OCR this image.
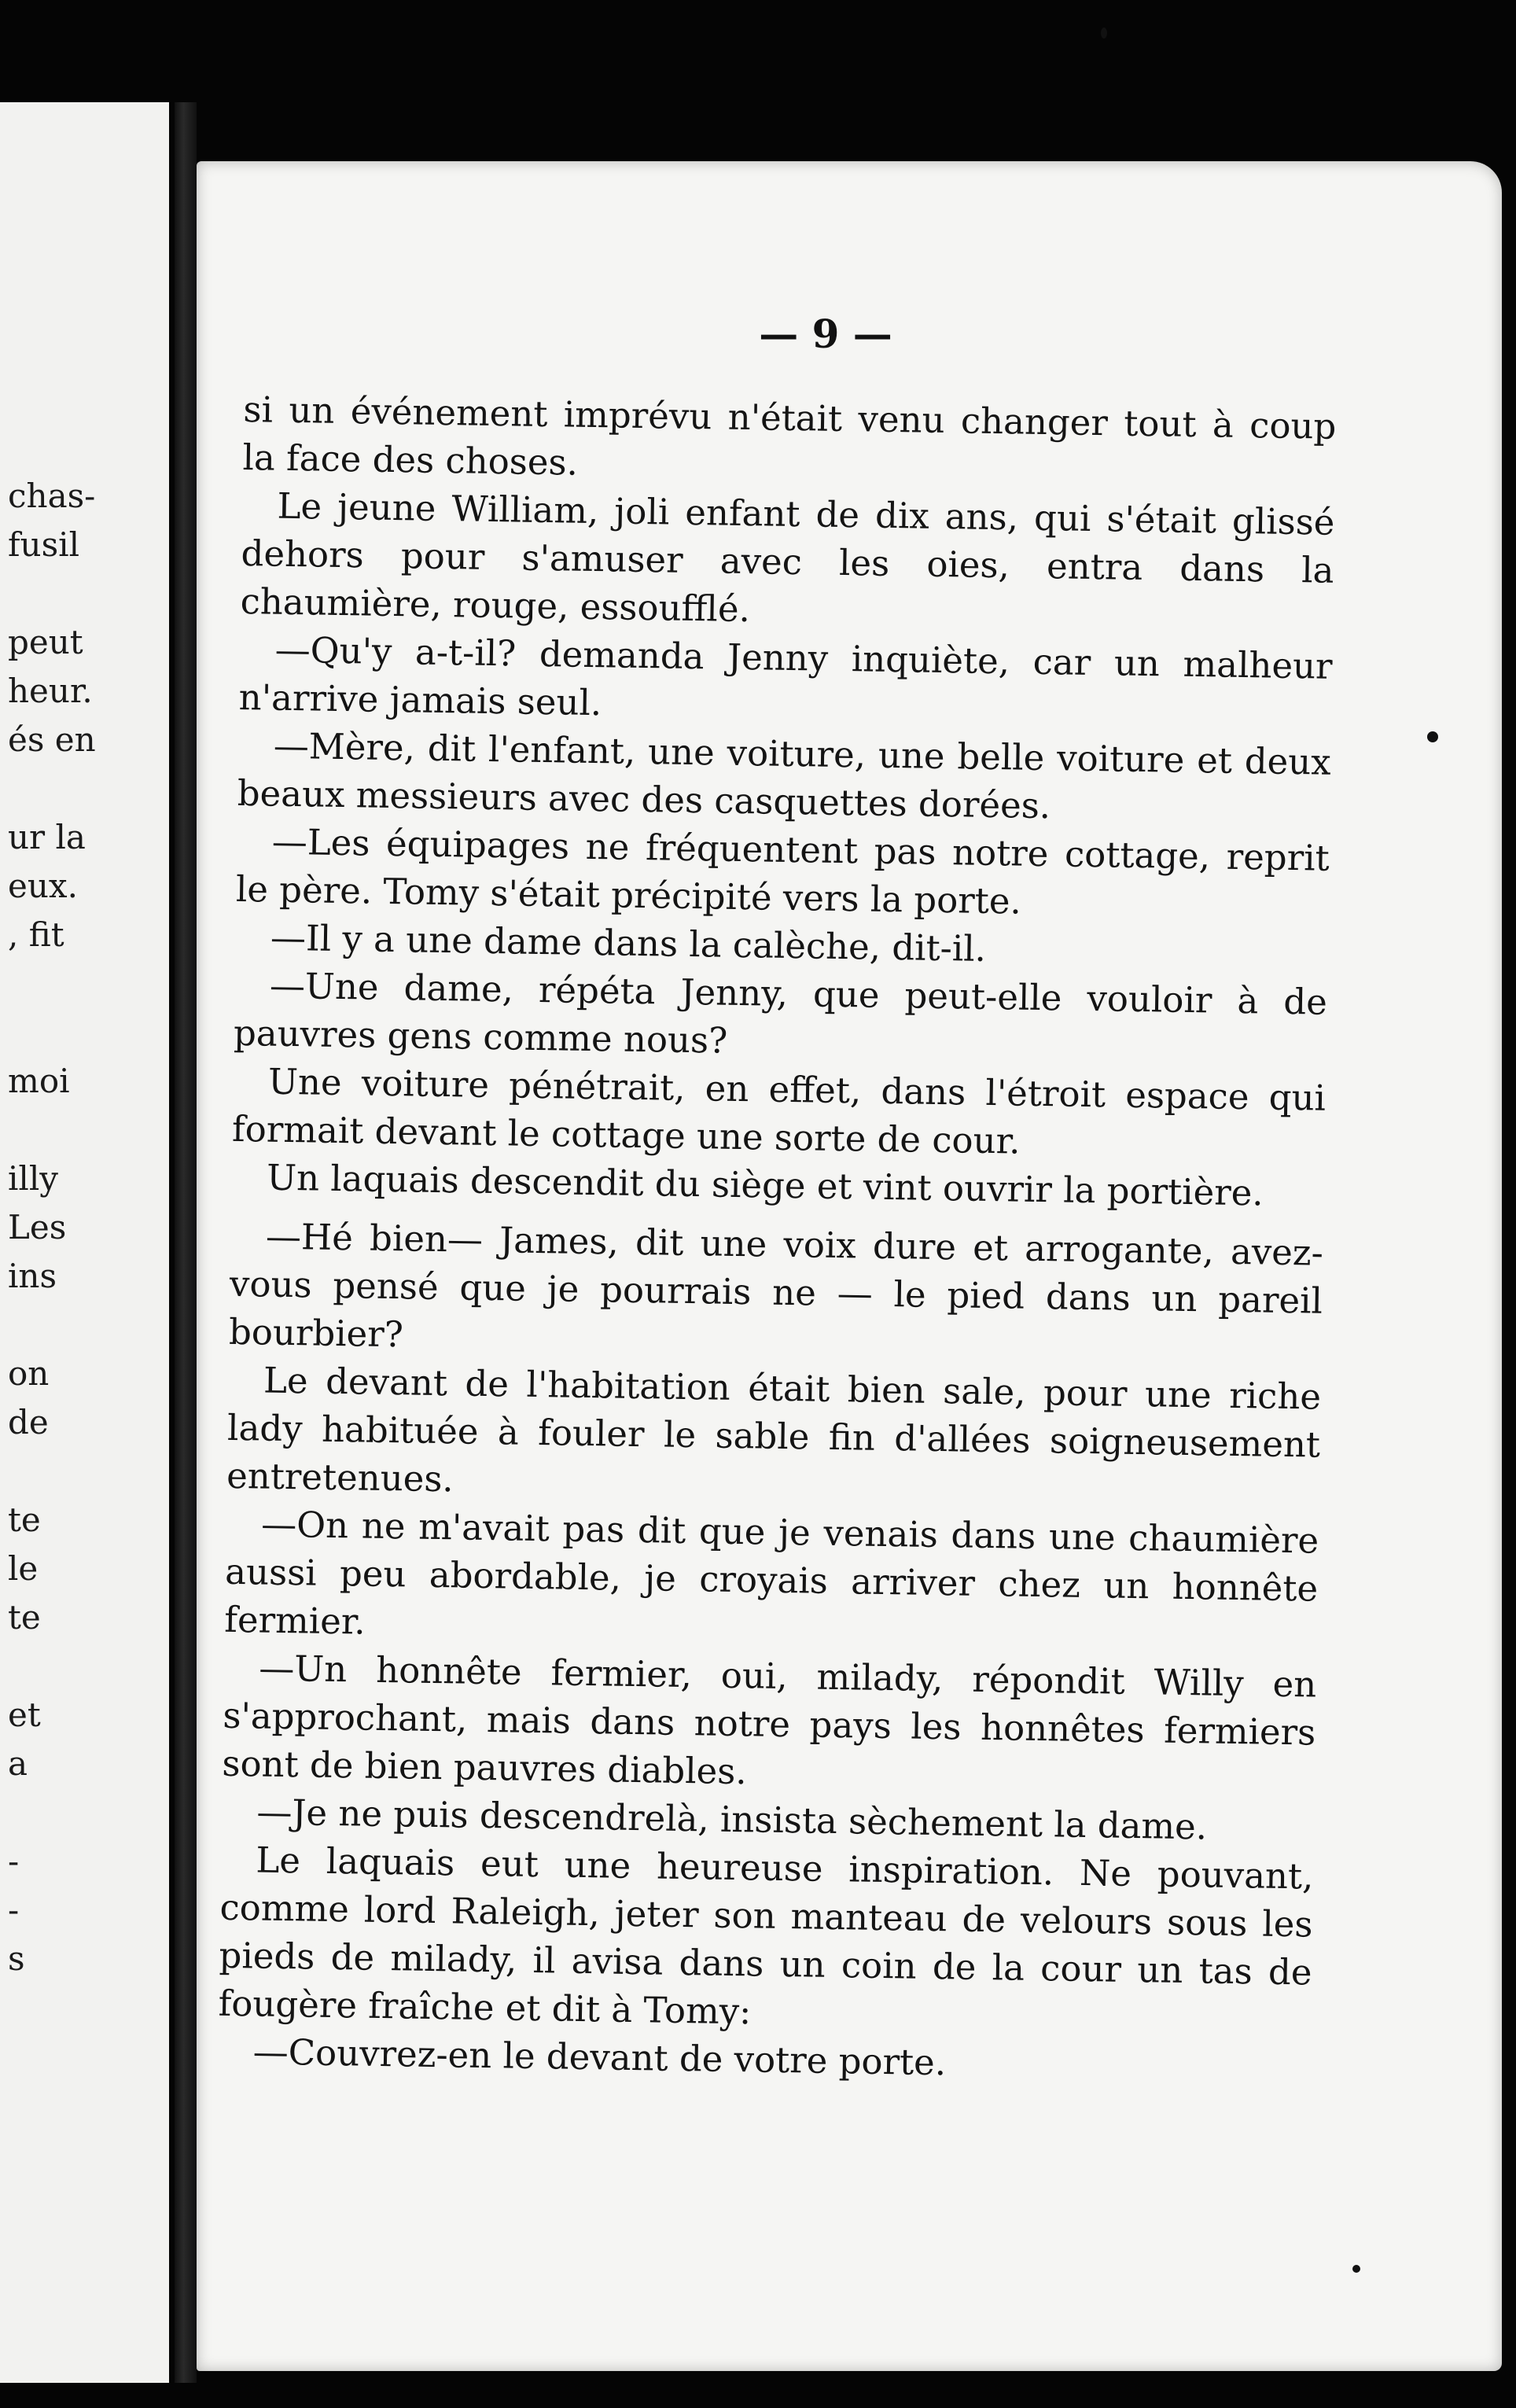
chas-
fusil
peut
heur.
és en
ur la
eux.
, fit
moi
illy
Les
ins
on
de
te
le
te
et
a
-
-
s
— 9 —

si un événement imprévu n'était venu changer tout à coup la face des choses.

Le jeune William, joli enfant de dix ans, qui s'était glissé dehors pour s'amuser avec les oies, entra dans la chaumière, rouge, essoufflé.

—Qu'y a-t-il? demanda Jenny inquiète, car un malheur n'arrive jamais seul.

—Mère, dit l'enfant, une voiture, une belle voiture et deux beaux messieurs avec des casquettes dorées.

—Les équipages ne fréquentent pas notre cottage, reprit le père. Tomy s'était précipité vers la porte.

—Il y a une dame dans la calèche, dit-il.

—Une dame, répéta Jenny, que peut-elle vouloir à de pauvres gens comme nous?

Une voiture pénétrait, en effet, dans l'étroit espace qui formait devant le cottage une sorte de cour.

Un laquais descendit du siège et vint ouvrir la portière.

—Hé bien— James, dit une voix dure et arrogante, avez-vous pensé que je pourrais ne — le pied dans un pareil bourbier?

Le devant de l'habitation était bien sale, pour une riche lady habituée à fouler le sable fin d'allées soigneusement entretenues.

—On ne m'avait pas dit que je venais dans une chaumière aussi peu abordable, je croyais arriver chez un honnête fermier.

—Un honnête fermier, oui, milady, répondit Willy en s'approchant, mais dans notre pays les honnêtes fermiers sont de bien pauvres diables.

—Je ne puis descendrelà, insista sèchement la dame.

Le laquais eut une heureuse inspiration. Ne pouvant, comme lord Raleigh, jeter son manteau de velours sous les pieds de milady, il avisa dans un coin de la cour un tas de fougère fraîche et dit à Tomy:

—Couvrez-en le devant de votre porte.
